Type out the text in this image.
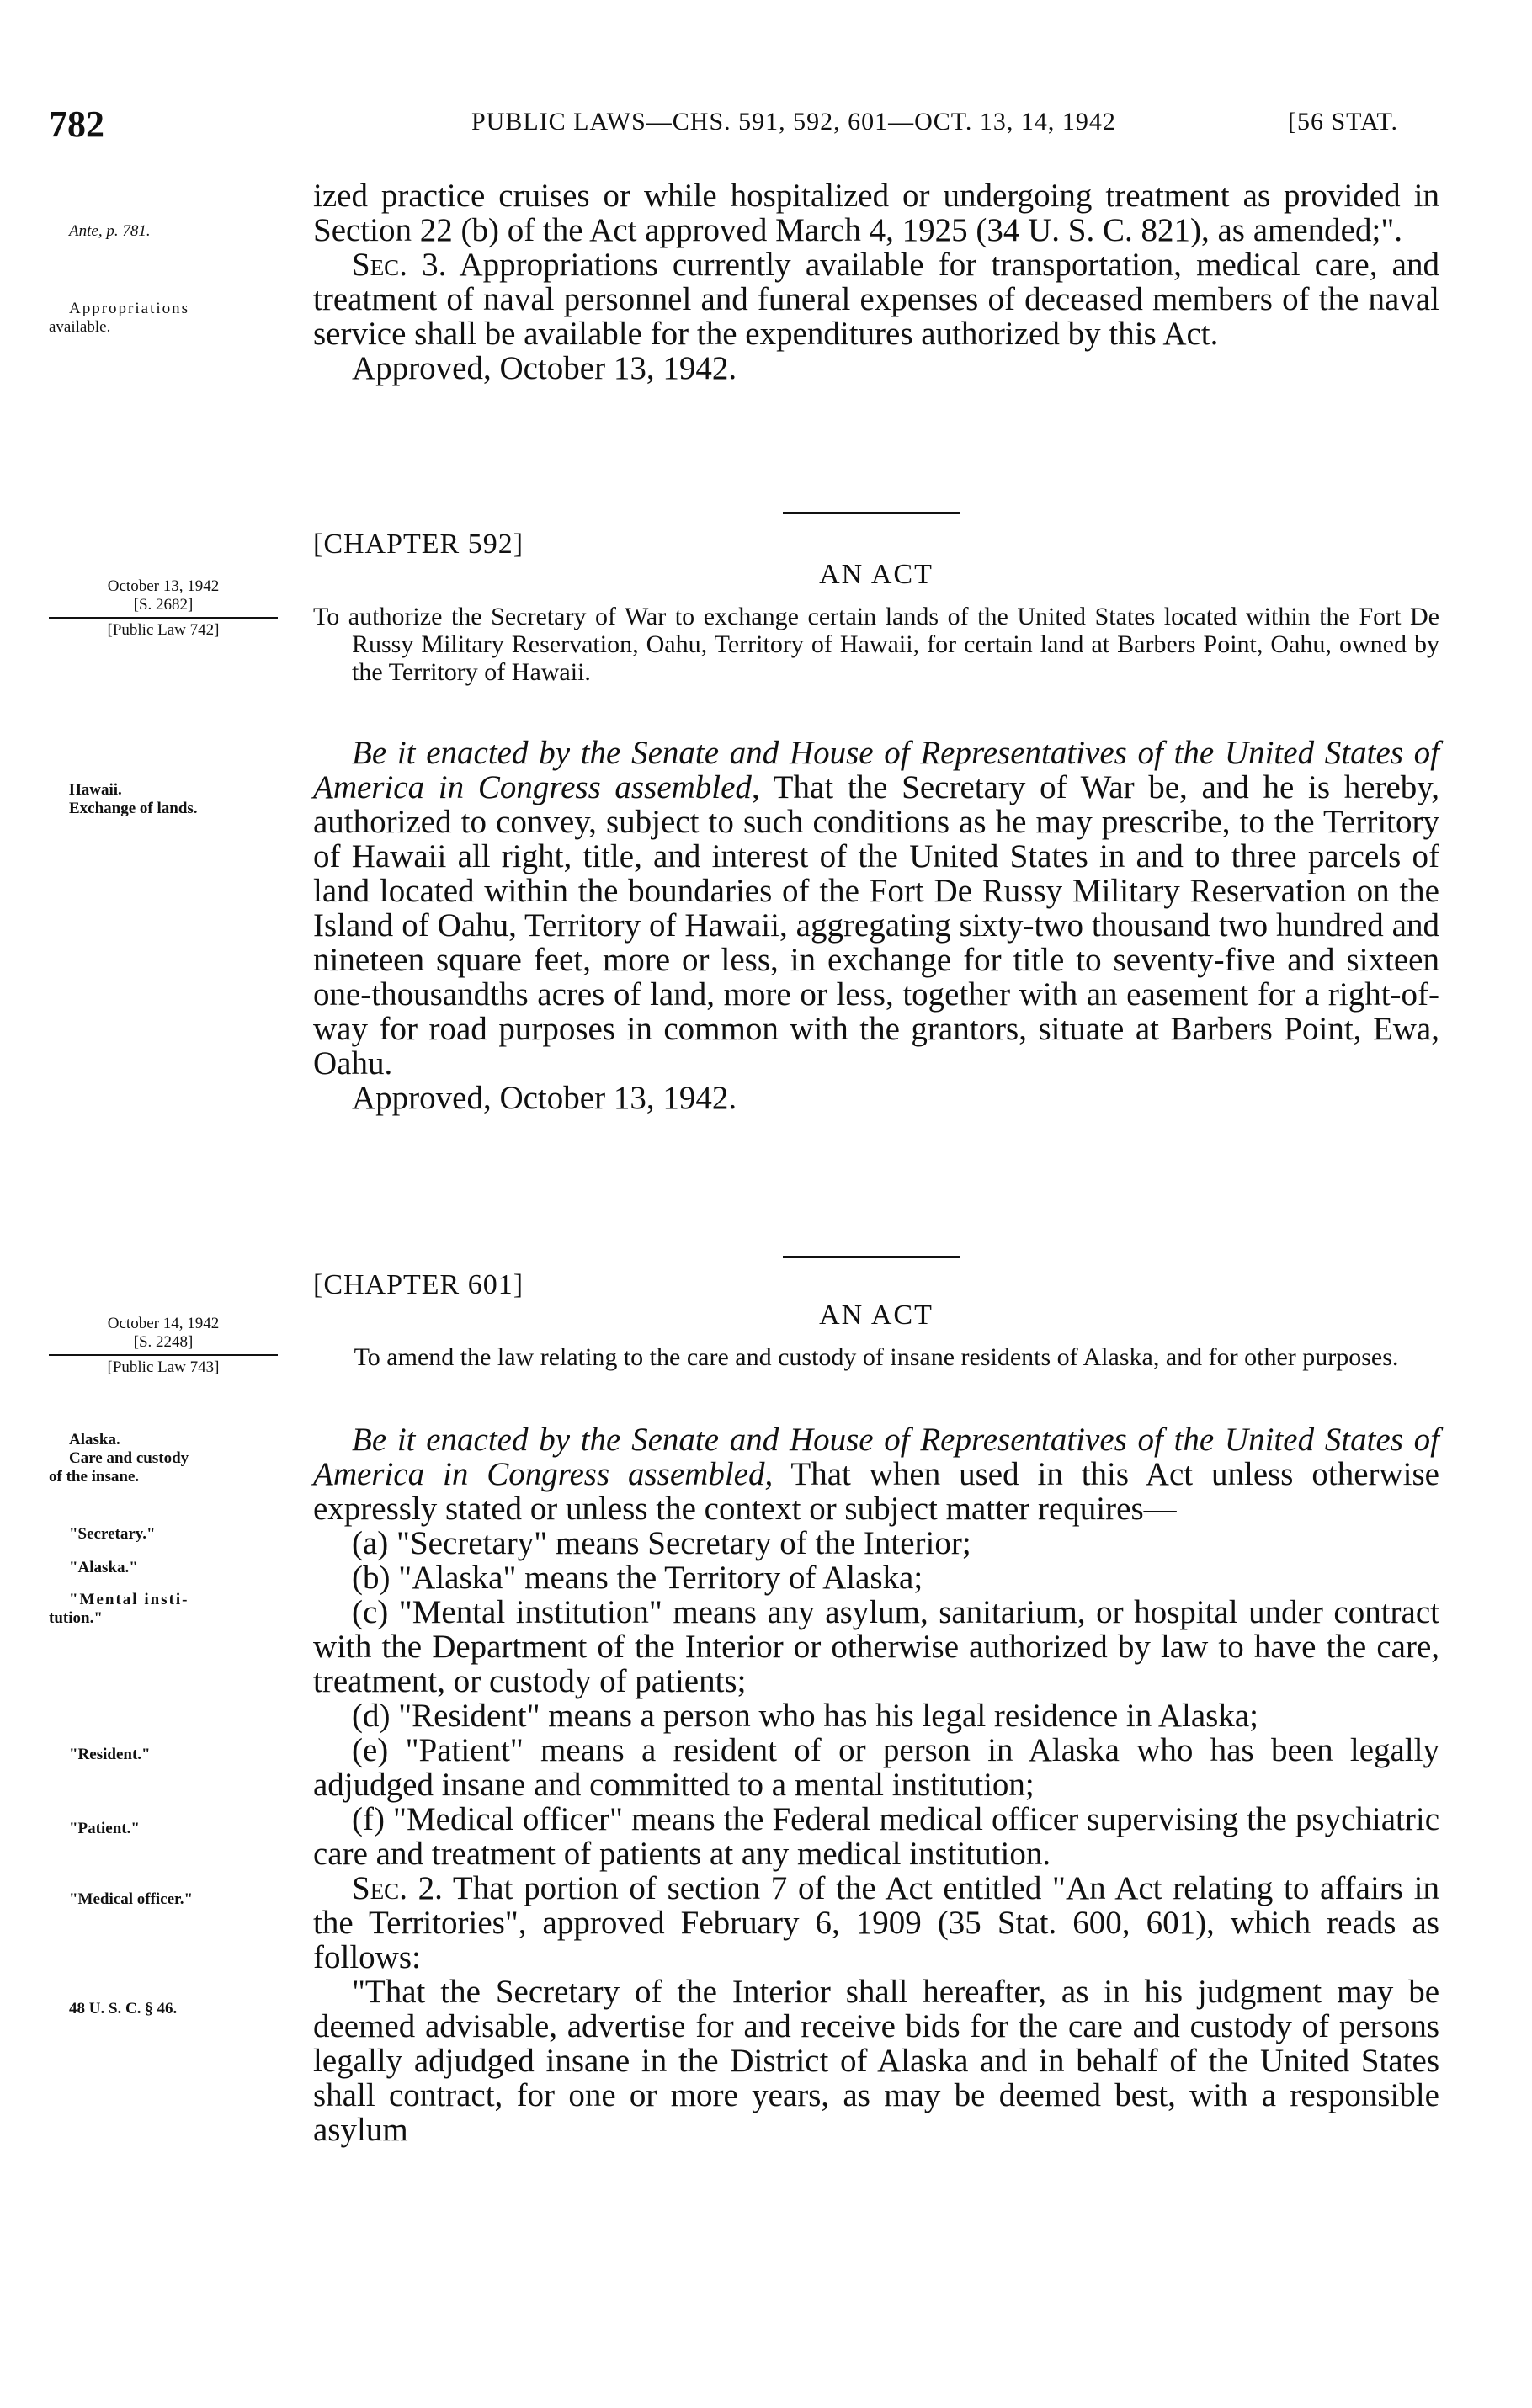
782	PUBLIC LAWS—CHS. 591, 592, 601—OCT. 13, 14, 1942	[56 STAT.
Ante, p. 781.
Appropriations
available.
October 13, 1942
[S. 2682]
[Public Law 742]
Hawaii.
Exchange of lands.
October 14, 1942
[S. 2248]
[Public Law 743]
Alaska.
Care and custody
of the insane.
"Secretary."
"Alaska."
"Mental insti-
tution."
"Resident."
"Patient."
"Medical officer."
48 U. S. C. § 46.

ized practice cruises or while hospitalized or undergoing treatment as provided in Section 22 (b) of the Act approved March 4, 1925 (34 U. S. C. 821), as amended;".

Sec. 3. Appropriations currently available for transportation, medical care, and treatment of naval personnel and funeral expenses of deceased members of the naval service shall be available for the expenditures authorized by this Act.

Approved, October 13, 1942.

[CHAPTER 592]
AN ACT
To authorize the Secretary of War to exchange certain lands of the United States located within the Fort De Russy Military Reservation, Oahu, Territory of Hawaii, for certain land at Barbers Point, Oahu, owned by the Territory of Hawaii.

Be it enacted by the Senate and House of Representatives of the United States of America in Congress assembled, That the Secretary of War be, and he is hereby, authorized to convey, subject to such conditions as he may prescribe, to the Territory of Hawaii all right, title, and interest of the United States in and to three parcels of land located within the boundaries of the Fort De Russy Military Reservation on the Island of Oahu, Territory of Hawaii, aggregating sixty-two thousand two hundred and nineteen square feet, more or less, in exchange for title to seventy-five and sixteen one-thousandths acres of land, more or less, together with an easement for a right-of-way for road purposes in common with the grantors, situate at Barbers Point, Ewa, Oahu.

Approved, October 13, 1942.

[CHAPTER 601]
AN ACT
To amend the law relating to the care and custody of insane residents of Alaska, and for other purposes.

Be it enacted by the Senate and House of Representatives of the United States of America in Congress assembled, That when used in this Act unless otherwise expressly stated or unless the context or subject matter requires—

(a) "Secretary" means Secretary of the Interior;

(b) "Alaska" means the Territory of Alaska;

(c) "Mental institution" means any asylum, sanitarium, or hospital under contract with the Department of the Interior or otherwise authorized by law to have the care, treatment, or custody of patients;

(d) "Resident" means a person who has his legal residence in Alaska;

(e) "Patient" means a resident of or person in Alaska who has been legally adjudged insane and committed to a mental institution;

(f) "Medical officer" means the Federal medical officer supervising the psychiatric care and treatment of patients at any medical institution.

Sec. 2. That portion of section 7 of the Act entitled "An Act relating to affairs in the Territories", approved February 6, 1909 (35 Stat. 600, 601), which reads as follows:

"That the Secretary of the Interior shall hereafter, as in his judgment may be deemed advisable, advertise for and receive bids for the care and custody of persons legally adjudged insane in the District of Alaska and in behalf of the United States shall contract, for one or more years, as may be deemed best, with a responsible asylum
